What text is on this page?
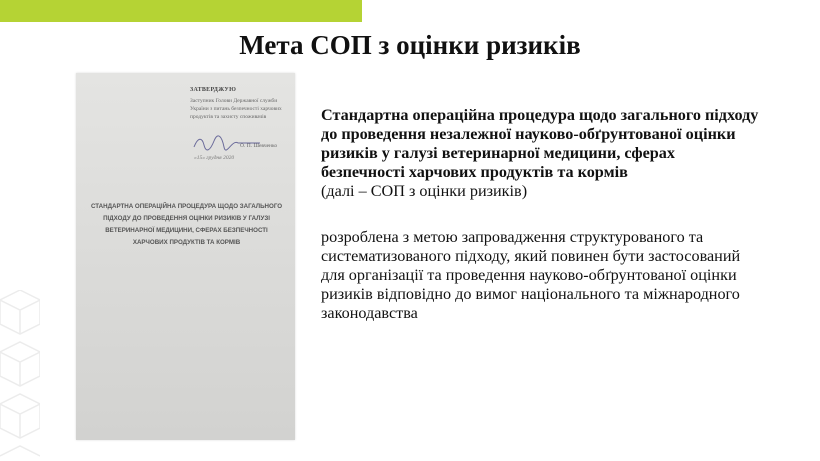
Мета СОП з оцінки ризиків
ЗАТВЕРДЖУЮ
Заступник Голови Державної служби України з питань безпечності харчових продуктів та захисту споживачів
О. П. Шевченко
«15» грудня 2020
СТАНДАРТНА ОПЕРАЦІЙНА ПРОЦЕДУРА ЩОДО ЗАГАЛЬНОГО ПІДХОДУ ДО ПРОВЕДЕННЯ ОЦІНКИ РИЗИКІВ У ГАЛУЗІ ВЕТЕРИНАРНОЇ МЕДИЦИНИ, СФЕРАХ БЕЗПЕЧНОСТІ ХАРЧОВИХ ПРОДУКТІВ ТА КОРМІВ

Стандартна операційна процедура щодо загального підходу до проведення незалежної науково-обґрунтованої оцінки ризиків у галузі ветеринарної медицини, сферах безпечності харчових продуктів та кормів

(далі – СОП з оцінки ризиків)

розроблена з метою запровадження структурованого та систематизованого підходу, який повинен бути застосований для організації та проведення науково-обґрунтованої оцінки ризиків відповідно до вимог національного та міжнародного законодавства
